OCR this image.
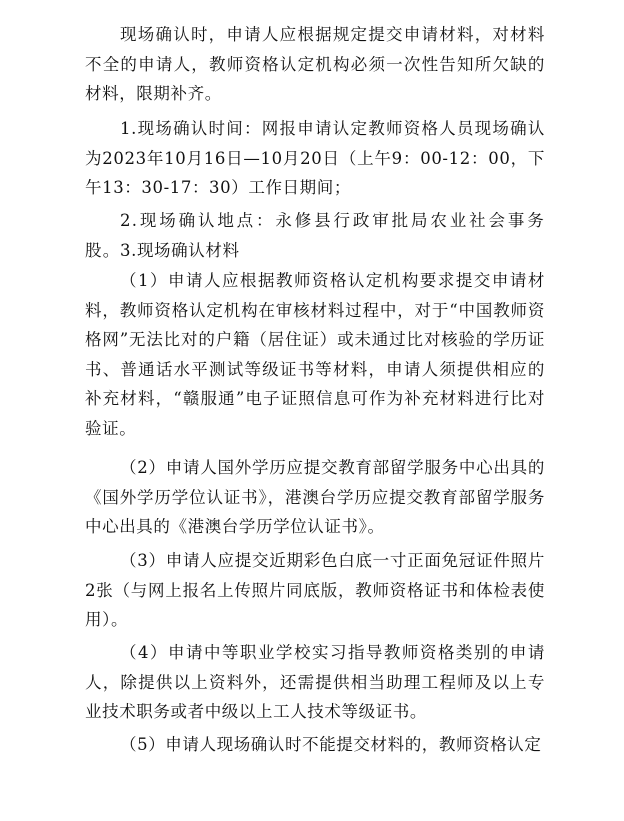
现场确认时，申请人应根据规定提交申请材料，对材料不全的申请人，教师资格认定机构必须一次性告知所欠缺的材料，限期补齐。

1.现场确认时间：网报申请认定教师资格人员现场确认为2023年10月16日—10月20日（上午9：00-12：00，下午13：30-17：30）工作日期间；

2.现场确认地点：永修县行政审批局农业社会事务股。 3.现场确认材料

（1）申请人应根据教师资格认定机构要求提交申请材料，教师资格认定机构在审核材料过程中，对于“中国教师资格网”无法比对的户籍（居住证）或未通过比对核验的学历证书、普通话水平测试等级证书等材料，申请人须提供相应的补充材料，“赣服通”电子证照信息可作为补充材料进行比对验证。

（2）申请人国外学历应提交教育部留学服务中心出具的《国外学历学位认证书》，港澳台学历应提交教育部留学服务中心出具的《港澳台学历学位认证书》。

（3）申请人应提交近期彩色白底一寸正面免冠证件照片2张（与网上报名上传照片同底版，教师资格证书和体检表使用）。

（4）申请中等职业学校实习指导教师资格类别的申请人，除提供以上资料外，还需提供相当助理工程师及以上专业技术职务或者中级以上工人技术等级证书。

（5）申请人现场确认时不能提交材料的，教师资格认定
